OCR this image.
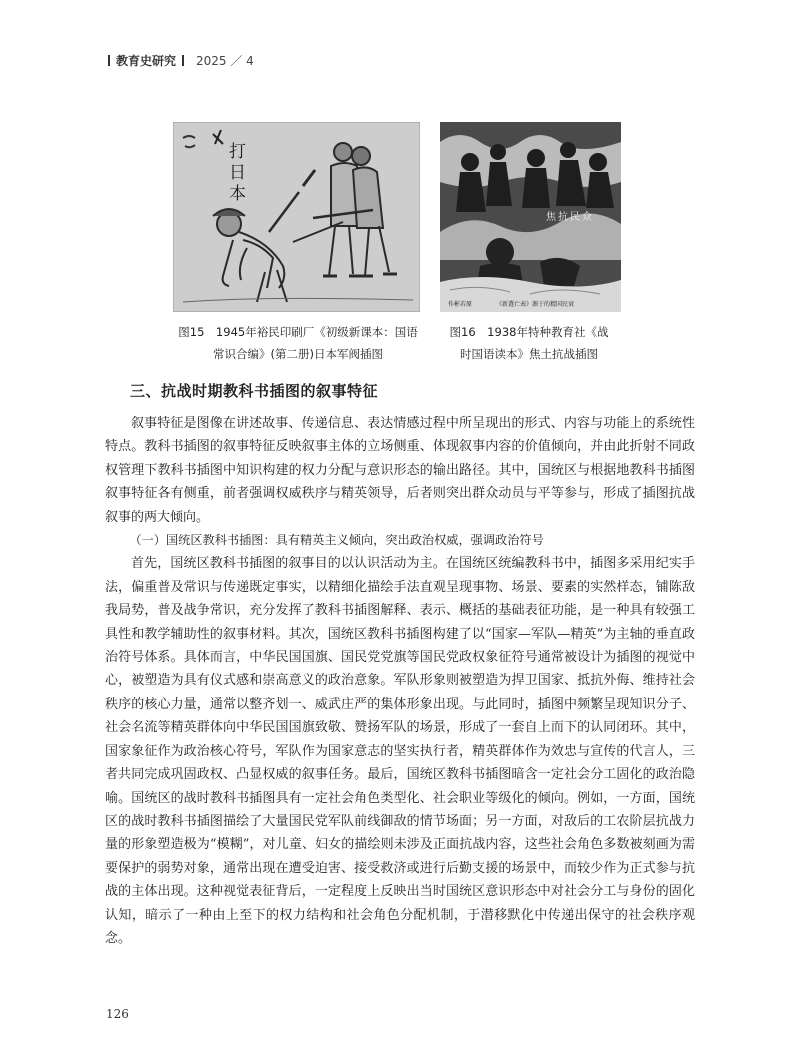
教育史研究 2025 ／ 4
打日本
焦抗民众
作彬若原	《新選亡表》源于的精国民衰
图15　1945年裕民印刷厂《初级新课本：国语
常识合编》(第二册)日本军阀插图
图16　1938年特种教育社《战
时国语读本》焦土抗战插图
三、抗战时期教科书插图的叙事特征

叙事特征是图像在讲述故事、传递信息、表达情感过程中所呈现出的形式、内容与功能上的系统性特点。教科书插图的叙事特征反映叙事主体的立场侧重、体现叙事内容的价值倾向，并由此折射不同政权管理下教科书插图中知识构建的权力分配与意识形态的输出路径。其中，国统区与根据地教科书插图叙事特征各有侧重，前者强调权威秩序与精英领导，后者则突出群众动员与平等参与，形成了插图抗战叙事的两大倾向。

（一）国统区教科书插图：具有精英主义倾向，突出政治权威，强调政治符号

首先，国统区教科书插图的叙事目的以认识活动为主。在国统区统编教科书中，插图多采用纪实手法，偏重普及常识与传递既定事实，以精细化描绘手法直观呈现事物、场景、要素的实然样态，铺陈敌我局势，普及战争常识，充分发挥了教科书插图解释、表示、概括的基础表征功能，是一种具有较强工具性和教学辅助性的叙事材料。其次，国统区教科书插图构建了以“国家—军队—精英”为主轴的垂直政治符号体系。具体而言，中华民国国旗、国民党党旗等国民党政权象征符号通常被设计为插图的视觉中心，被塑造为具有仪式感和崇高意义的政治意象。军队形象则被塑造为捍卫国家、抵抗外侮、维持社会秩序的核心力量，通常以整齐划一、威武庄严的集体形象出现。与此同时，插图中频繁呈现知识分子、社会名流等精英群体向中华民国国旗致敬、赞扬军队的场景，形成了一套自上而下的认同闭环。其中，国家象征作为政治核心符号，军队作为国家意志的坚实执行者，精英群体作为效忠与宣传的代言人，三者共同完成巩固政权、凸显权威的叙事任务。最后，国统区教科书插图暗含一定社会分工固化的政治隐喻。国统区的战时教科书插图具有一定社会角色类型化、社会职业等级化的倾向。例如，一方面，国统区的战时教科书插图描绘了大量国民党军队前线御敌的情节场面；另一方面，对敌后的工农阶层抗战力量的形象塑造极为“模糊”，对儿童、妇女的描绘则未涉及正面抗战内容，这些社会角色多数被刻画为需要保护的弱势对象，通常出现在遭受迫害、接受救济或进行后勤支援的场景中，而较少作为正式参与抗战的主体出现。这种视觉表征背后，一定程度上反映出当时国统区意识形态中对社会分工与身份的固化认知，暗示了一种由上至下的权力结构和社会角色分配机制，于潜移默化中传递出保守的社会秩序观念。

126
